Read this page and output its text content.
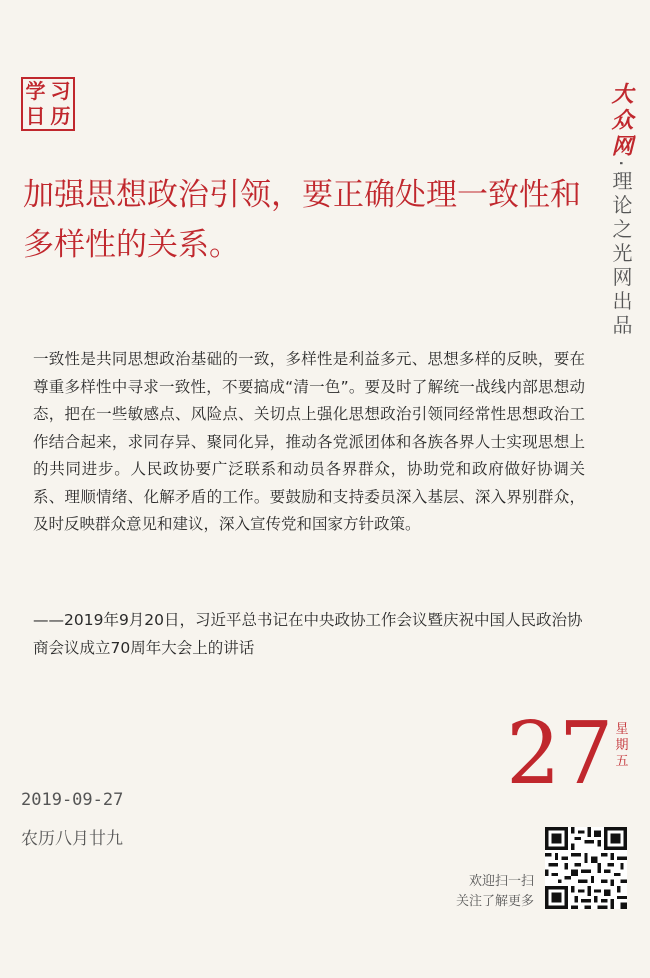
学 习
日 历	大众网·理论之光网出品
加强思想政治引领，要正确处理一致性和多样性的关系。

一致性是共同思想政治基础的一致，多样性是利益多元、思想多样的反映，要在尊重多样性中寻求一致性，不要搞成“清一色”。要及时了解统一战线内部思想动态，把在一些敏感点、风险点、关切点上强化思想政治引领同经常性思想政治工作结合起来，求同存异、聚同化异，推动各党派团体和各族各界人士实现思想上的共同进步。人民政协要广泛联系和动员各界群众，协助党和政府做好协调关系、理顺情绪、化解矛盾的工作。要鼓励和支持委员深入基层、深入界别群众，及时反映群众意见和建议，深入宣传党和国家方针政策。

——2019年9月20日，习近平总书记在中央政协工作会议暨庆祝中国人民政治协商会议成立70周年大会上的讲话

27 星期五
2019-09-27
农历八月廿九
欢迎扫一扫
关注了解更多
